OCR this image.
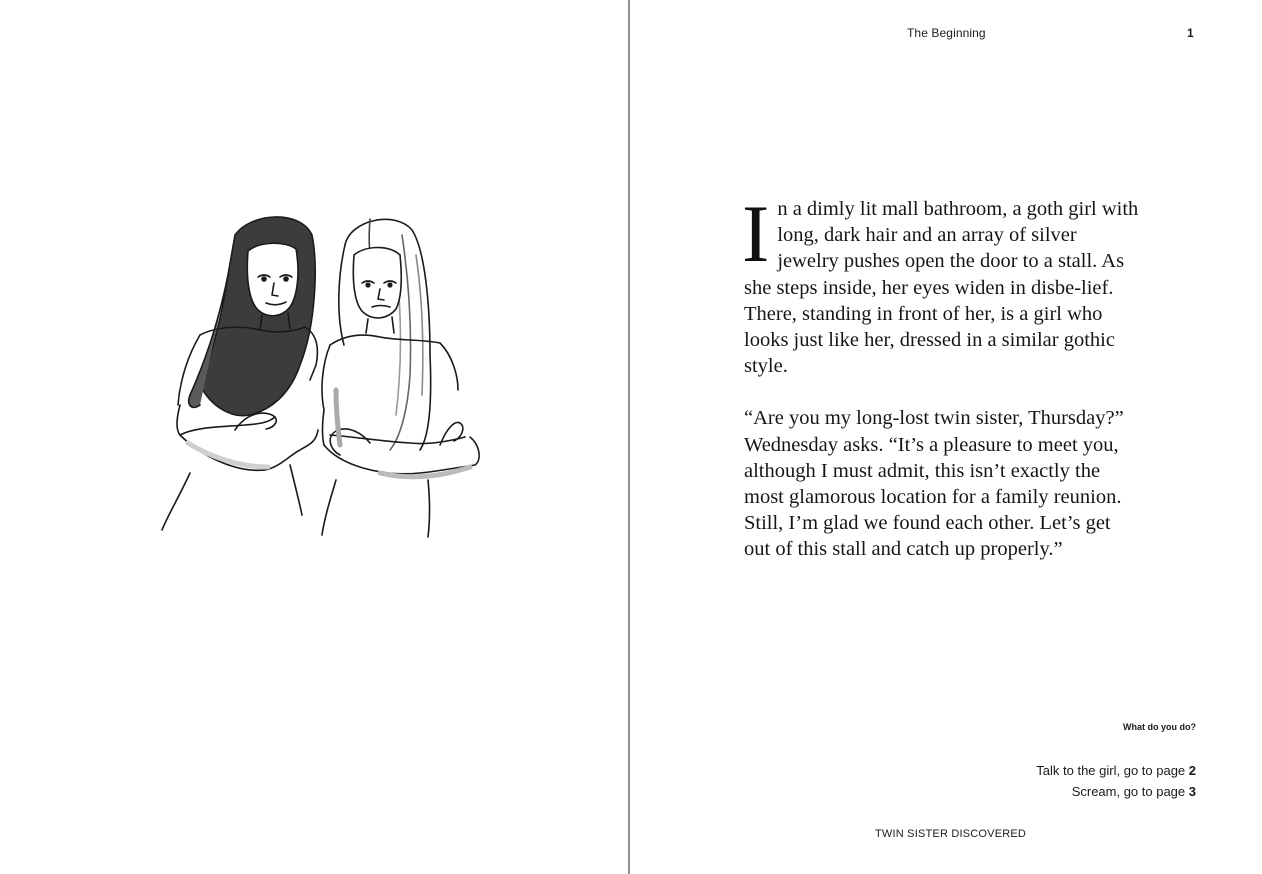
The Beginning	1

In a dimly lit mall bathroom, a goth girl with long, dark hair and an array of silver jewelry pushes open the door to a stall. As she steps inside, her eyes widen in disbe-lief. There, standing in front of her, is a girl who looks just like her, dressed in a similar gothic style.

“Are you my long-lost twin sister, Thursday?” Wednesday asks. “It’s a pleasure to meet you, although I must admit, this isn’t exactly the most glamorous location for a family reunion. Still, I’m glad we found each other. Let’s get out of this stall and catch up properly.”

What do you do?
Talk to the girl, go to page 2
Scream, go to page 3
TWIN SISTER DISCOVERED
